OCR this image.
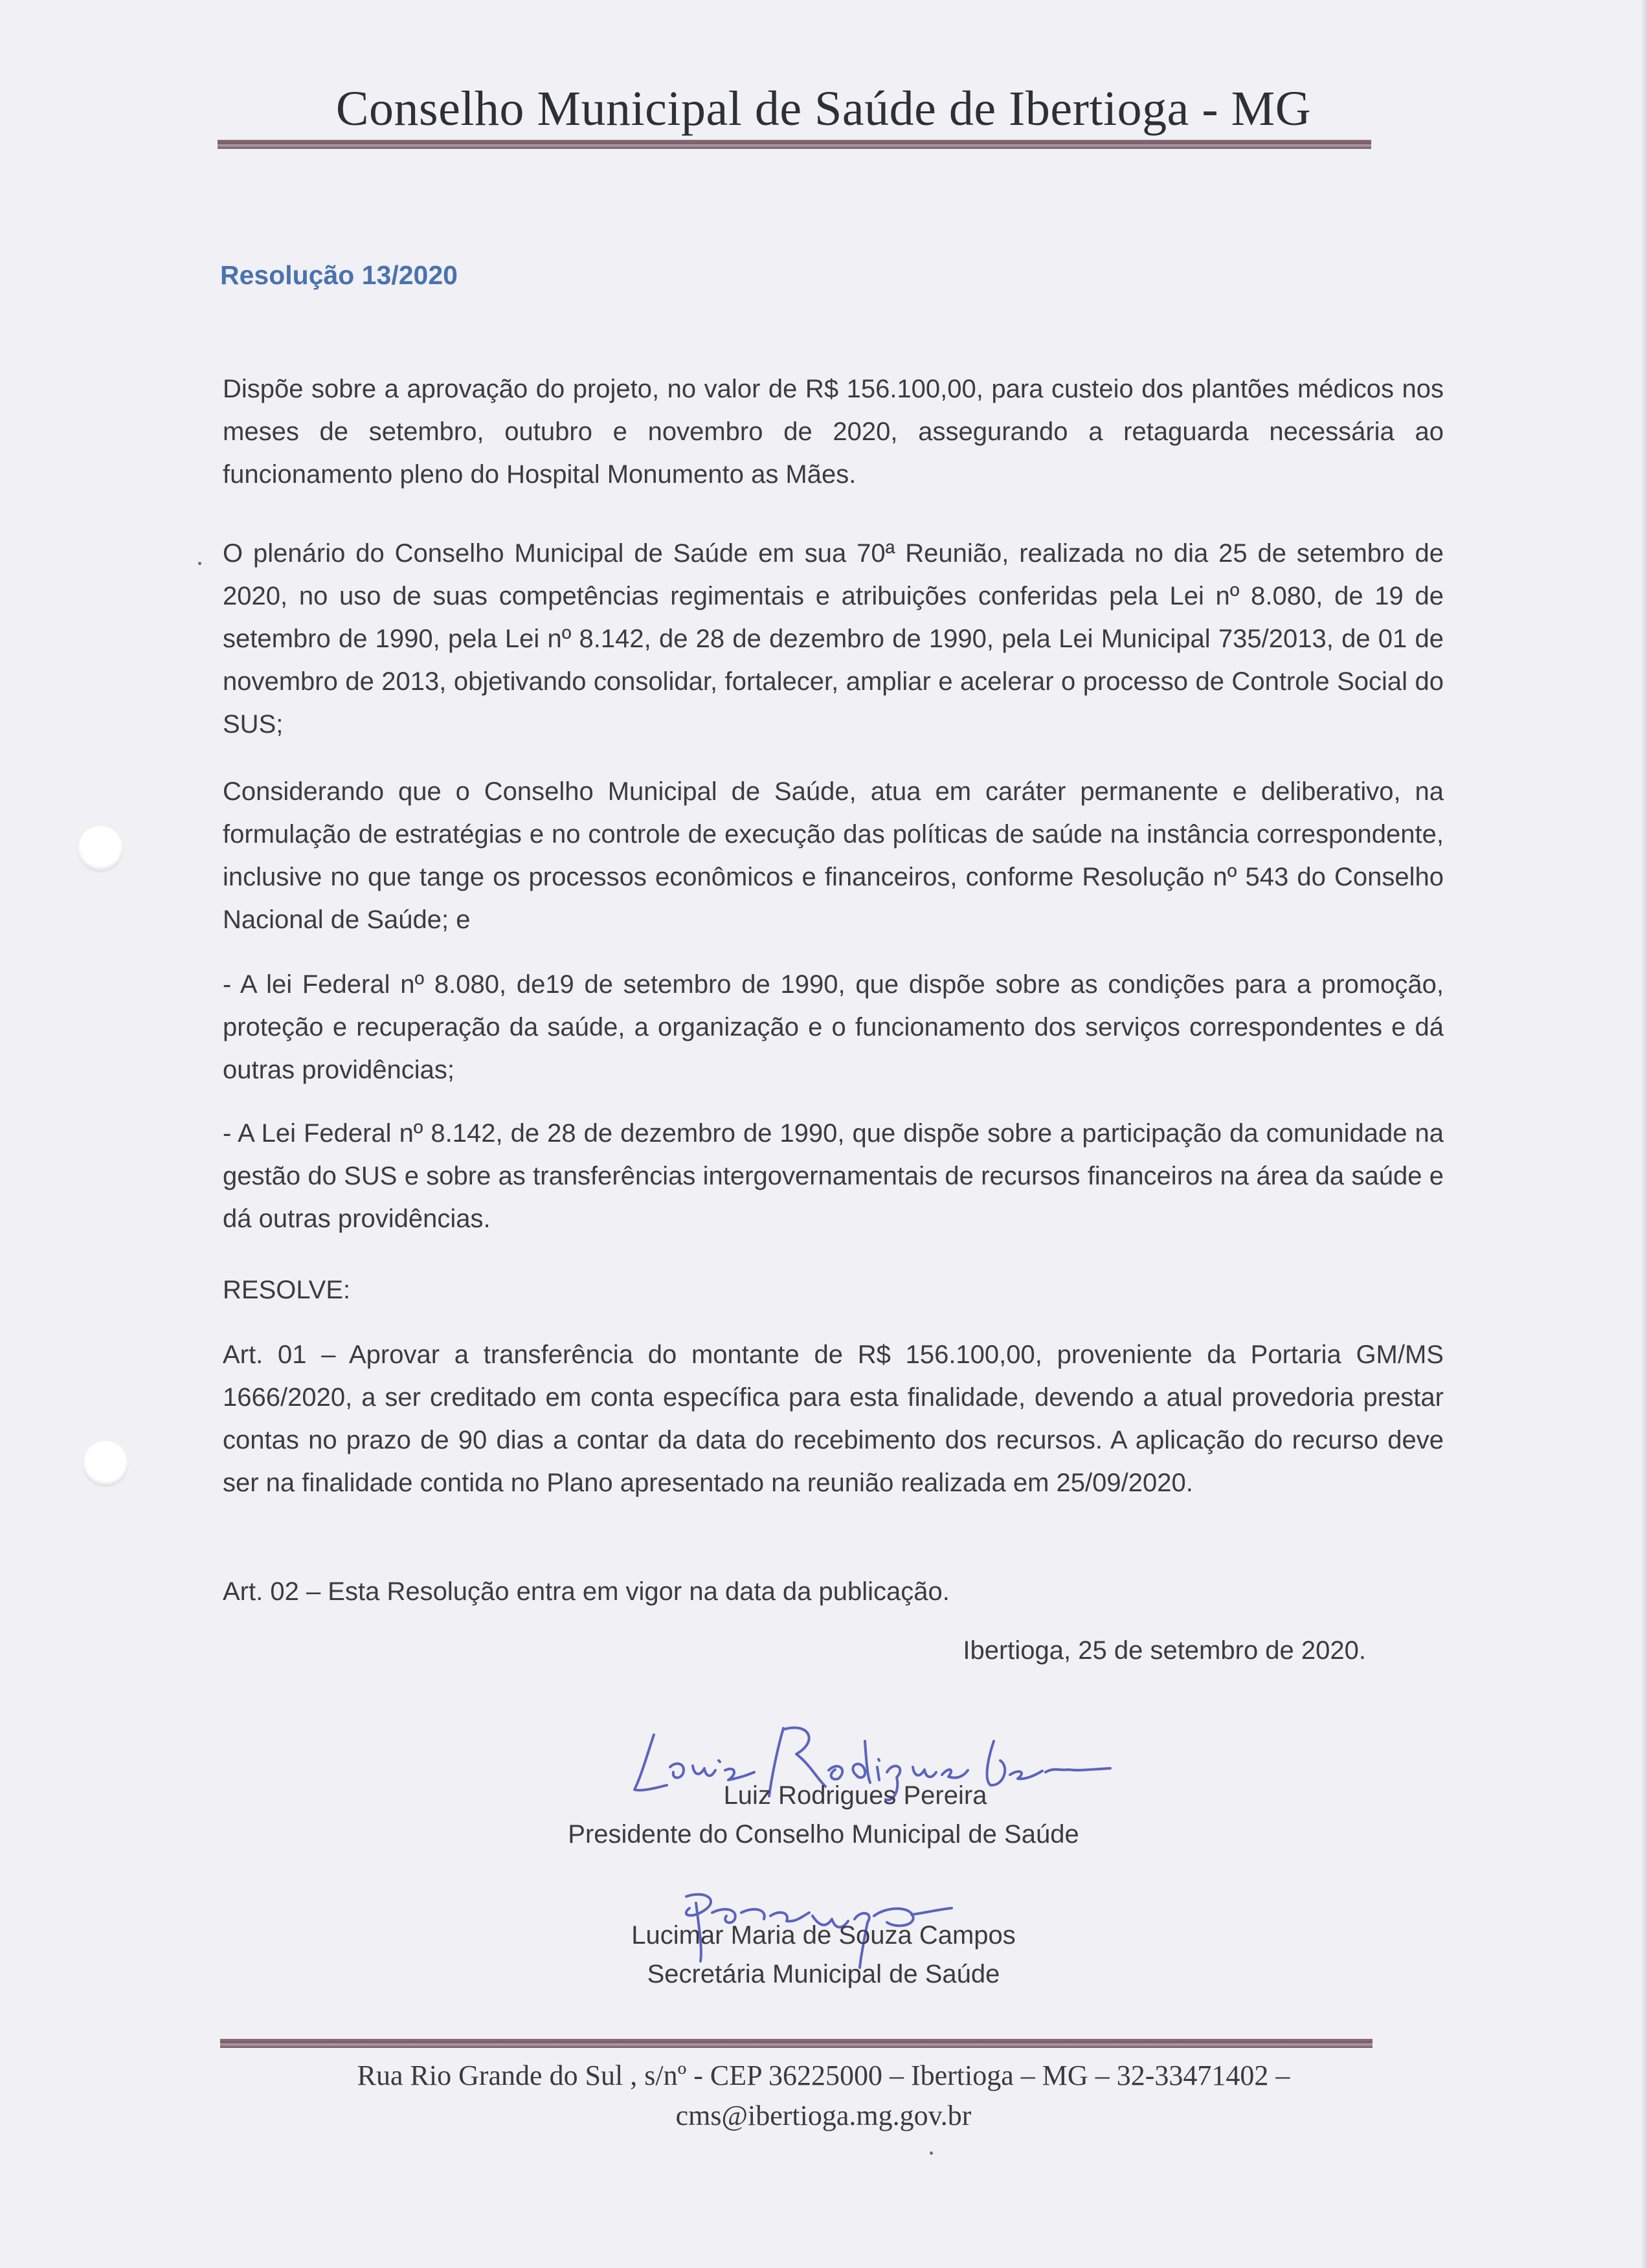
Conselho Municipal de Saúde de Ibertioga - MG
Resolução 13/2020
Dispõe sobre a aprovação do projeto, no valor de R$ 156.100,00, para custeio dos plantões médicos nos meses de setembro, outubro e novembro de 2020, assegurando a retaguarda necessária ao funcionamento pleno do Hospital Monumento as Mães.
O plenário do Conselho Municipal de Saúde em sua 70ª Reunião, realizada no dia 25 de setembro de 2020, no uso de suas competências regimentais e atribuições conferidas pela Lei nº 8.080, de 19 de setembro de 1990, pela Lei nº 8.142, de 28 de dezembro de 1990, pela Lei Municipal 735/2013, de 01 de novembro de 2013, objetivando consolidar, fortalecer, ampliar e acelerar o processo de Controle Social do SUS;
Considerando que o Conselho Municipal de Saúde, atua em caráter permanente e deliberativo, na formulação de estratégias e no controle de execução das políticas de saúde na instância correspondente, inclusive no que tange os processos econômicos e financeiros, conforme Resolução nº 543 do Conselho Nacional de Saúde; e
- A lei Federal nº 8.080, de19 de setembro de 1990, que dispõe sobre as condições para a promoção, proteção e recuperação da saúde, a organização e o funcionamento dos serviços correspondentes e dá outras providências;
- A Lei Federal nº 8.142, de 28 de dezembro de 1990, que dispõe sobre a participação da comunidade na gestão do SUS e sobre as transferências intergovernamentais de recursos financeiros na área da saúde e dá outras providências.
RESOLVE:
Art. 01 – Aprovar a transferência do montante de R$ 156.100,00, proveniente da Portaria GM/MS 1666/2020, a ser creditado em conta específica para esta finalidade, devendo a atual provedoria prestar contas no prazo de 90 dias a contar da data do recebimento dos recursos. A aplicação do recurso deve ser na finalidade contida no Plano apresentado na reunião realizada em 25/09/2020.
Art. 02 – Esta Resolução entra em vigor na data da publicação.
Ibertioga, 25 de setembro de 2020.
Luiz Rodrigues Pereira
Presidente do Conselho Municipal de Saúde
Lucimar Maria de Souza Campos
Secretária Municipal de Saúde
Rua Rio Grande do Sul , s/nº - CEP 36225000 – Ibertioga – MG – 32-33471402 –
cms@ibertioga.mg.gov.br
